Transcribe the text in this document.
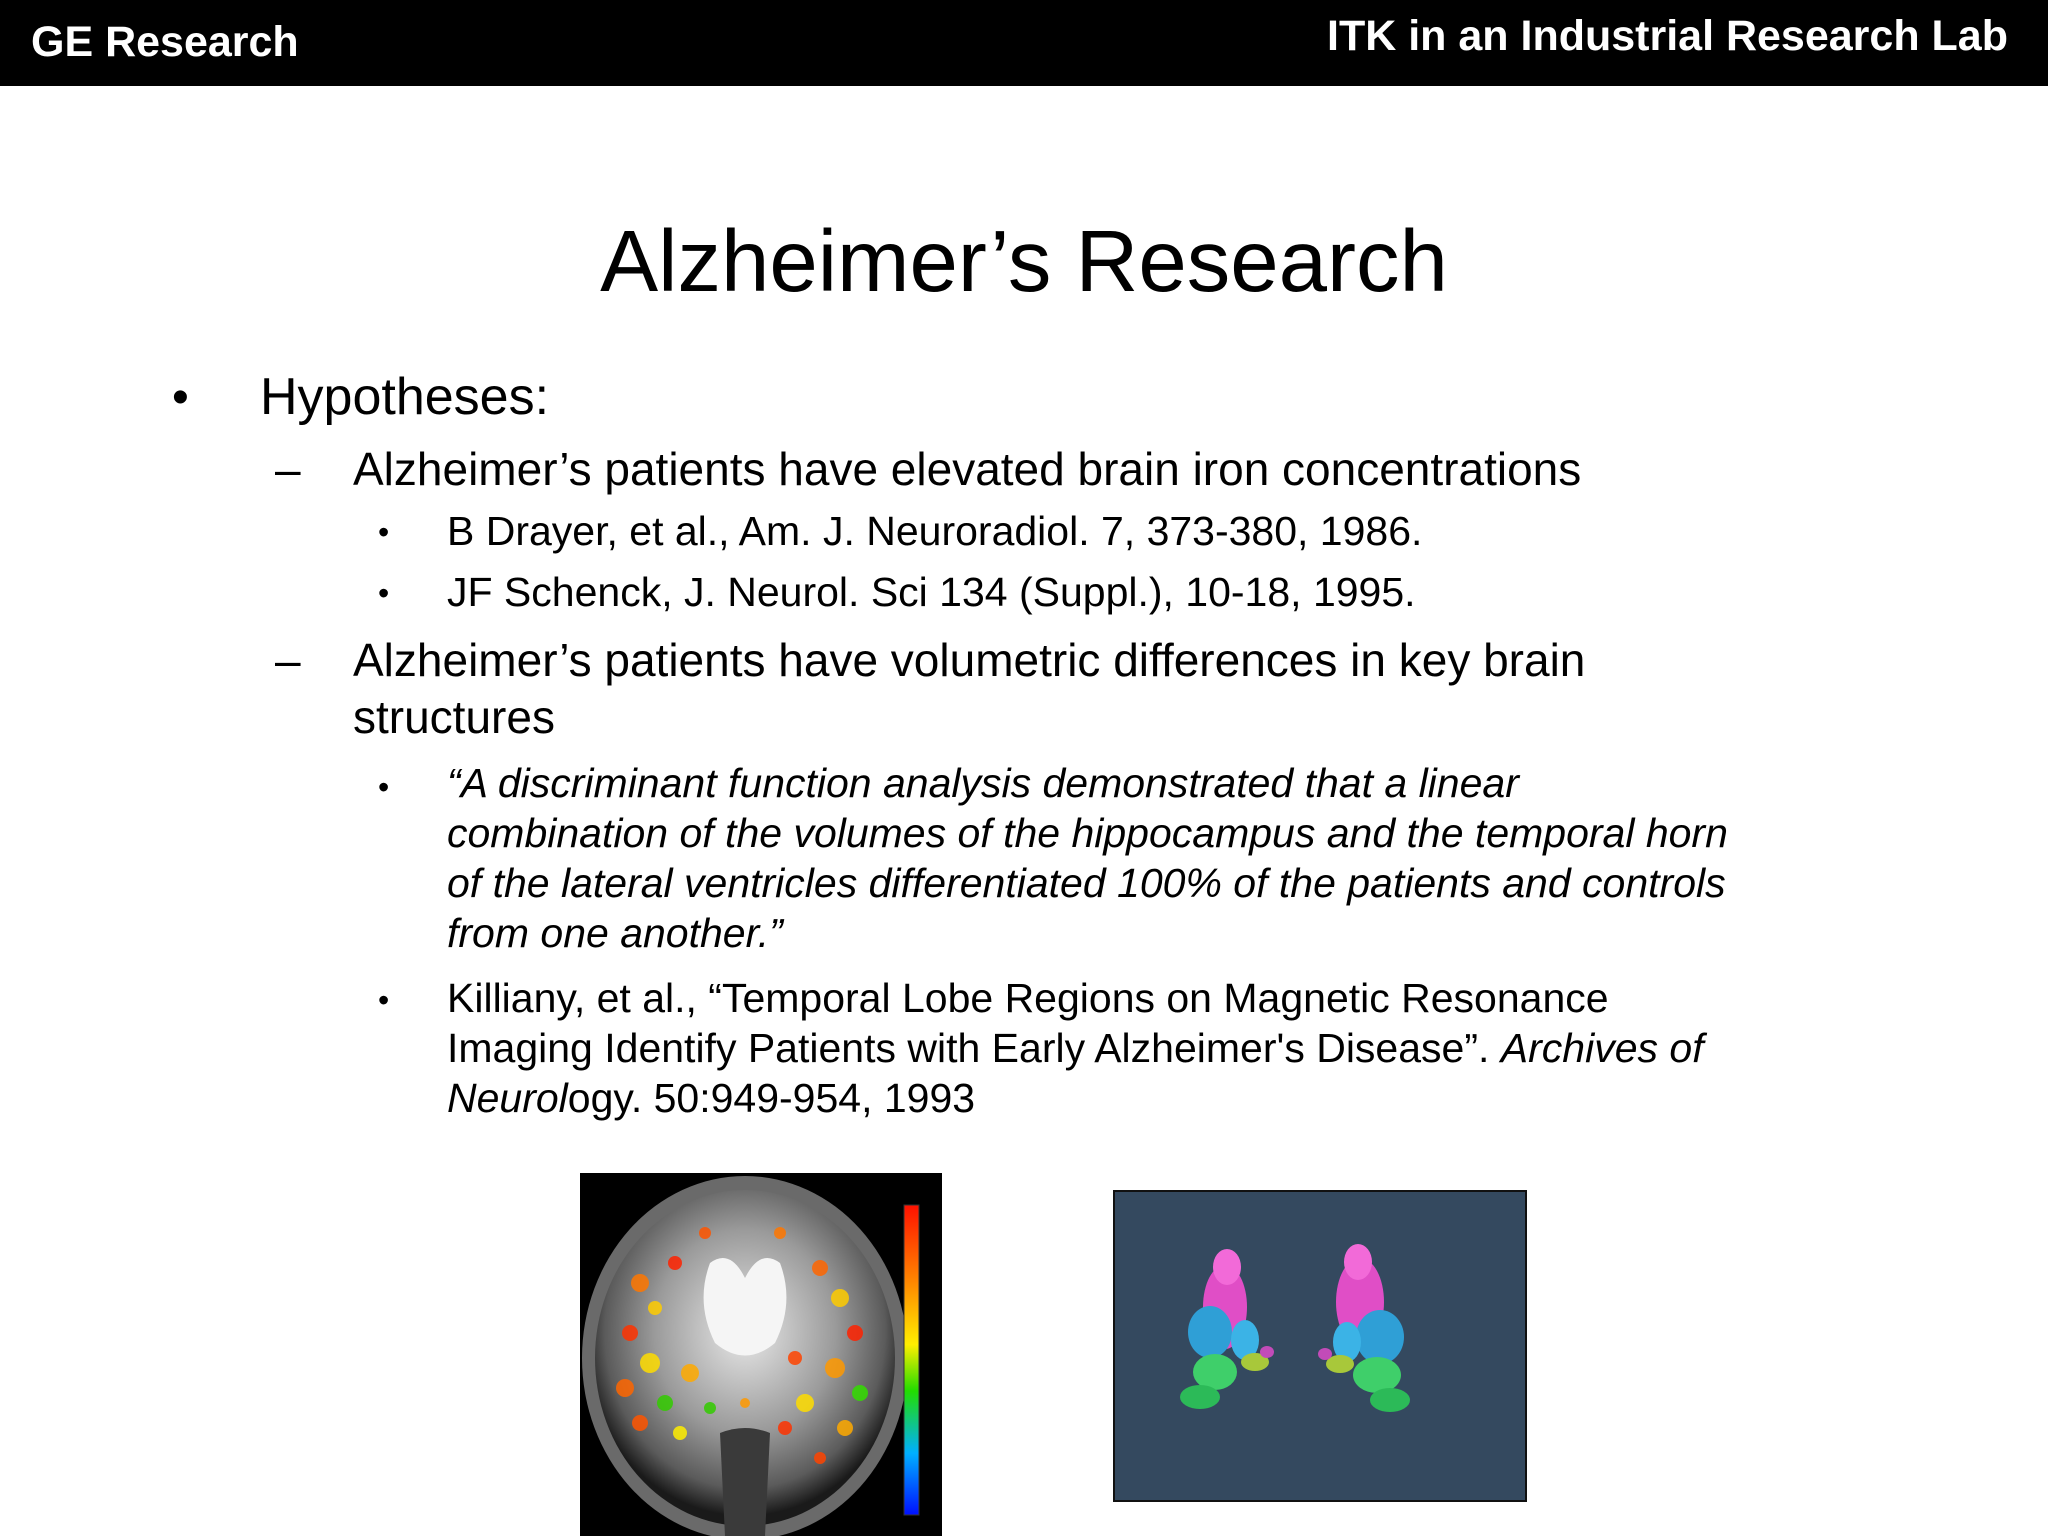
GE Research	ITK in an Industrial Research Lab
Alzheimer’s Research
• Hypotheses:
– Alzheimer’s patients have elevated brain iron concentrations
• B Drayer, et al., Am. J. Neuroradiol. 7, 373-380, 1986.
• JF Schenck, J. Neurol. Sci 134 (Suppl.), 10-18, 1995.
– Alzheimer’s patients have volumetric differences in key brain
structures
• “A discriminant function analysis demonstrated that a linear
combination of the volumes of the hippocampus and the temporal horn
of the lateral ventricles differentiated 100% of the patients and controls
from one another.”
• Killiany, et al., “Temporal Lobe Regions on Magnetic Resonance
Imaging Identify Patients with Early Alzheimer's Disease”. Archives of
Neurology. 50:949-954, 1993
